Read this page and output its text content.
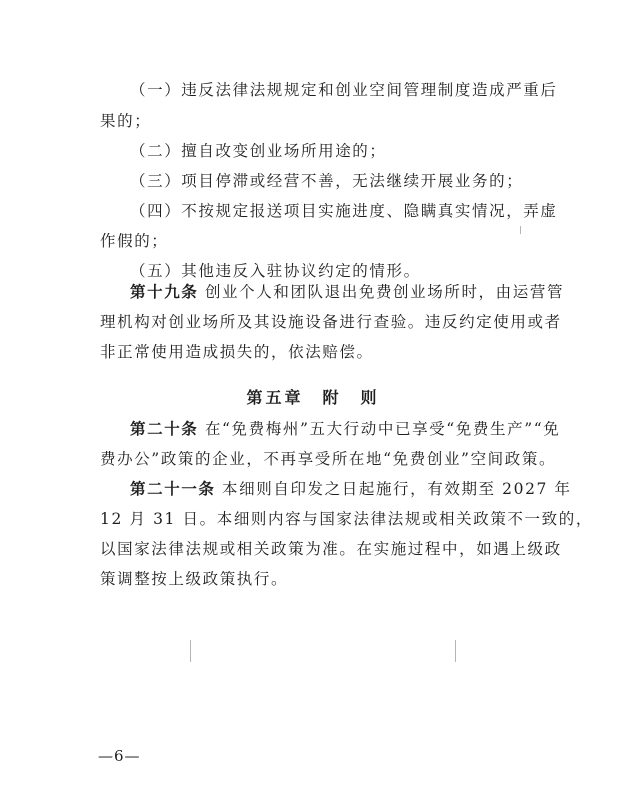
（一）违反法律法规规定和创业空间管理制度造成严重后
果的；
（二）擅自改变创业场所用途的；
（三）项目停滞或经营不善，无法继续开展业务的；
（四）不按规定报送项目实施进度、隐瞒真实情况，弄虚
作假的；
（五）其他违反入驻协议约定的情形。
第十九条 创业个人和团队退出免费创业场所时，由运营管
理机构对创业场所及其设施设备进行查验。违反约定使用或者
非正常使用造成损失的，依法赔偿。
第五章　附　则
第二十条 在“免费梅州”五大行动中已享受“免费生产”“免
费办公”政策的企业，不再享受所在地“免费创业”空间政策。
第二十一条 本细则自印发之日起施行，有效期至 2027 年
12 月 31 日。本细则内容与国家法律法规或相关政策不一致的，
以国家法律法规或相关政策为准。在实施过程中，如遇上级政
策调整按上级政策执行。
—6—
